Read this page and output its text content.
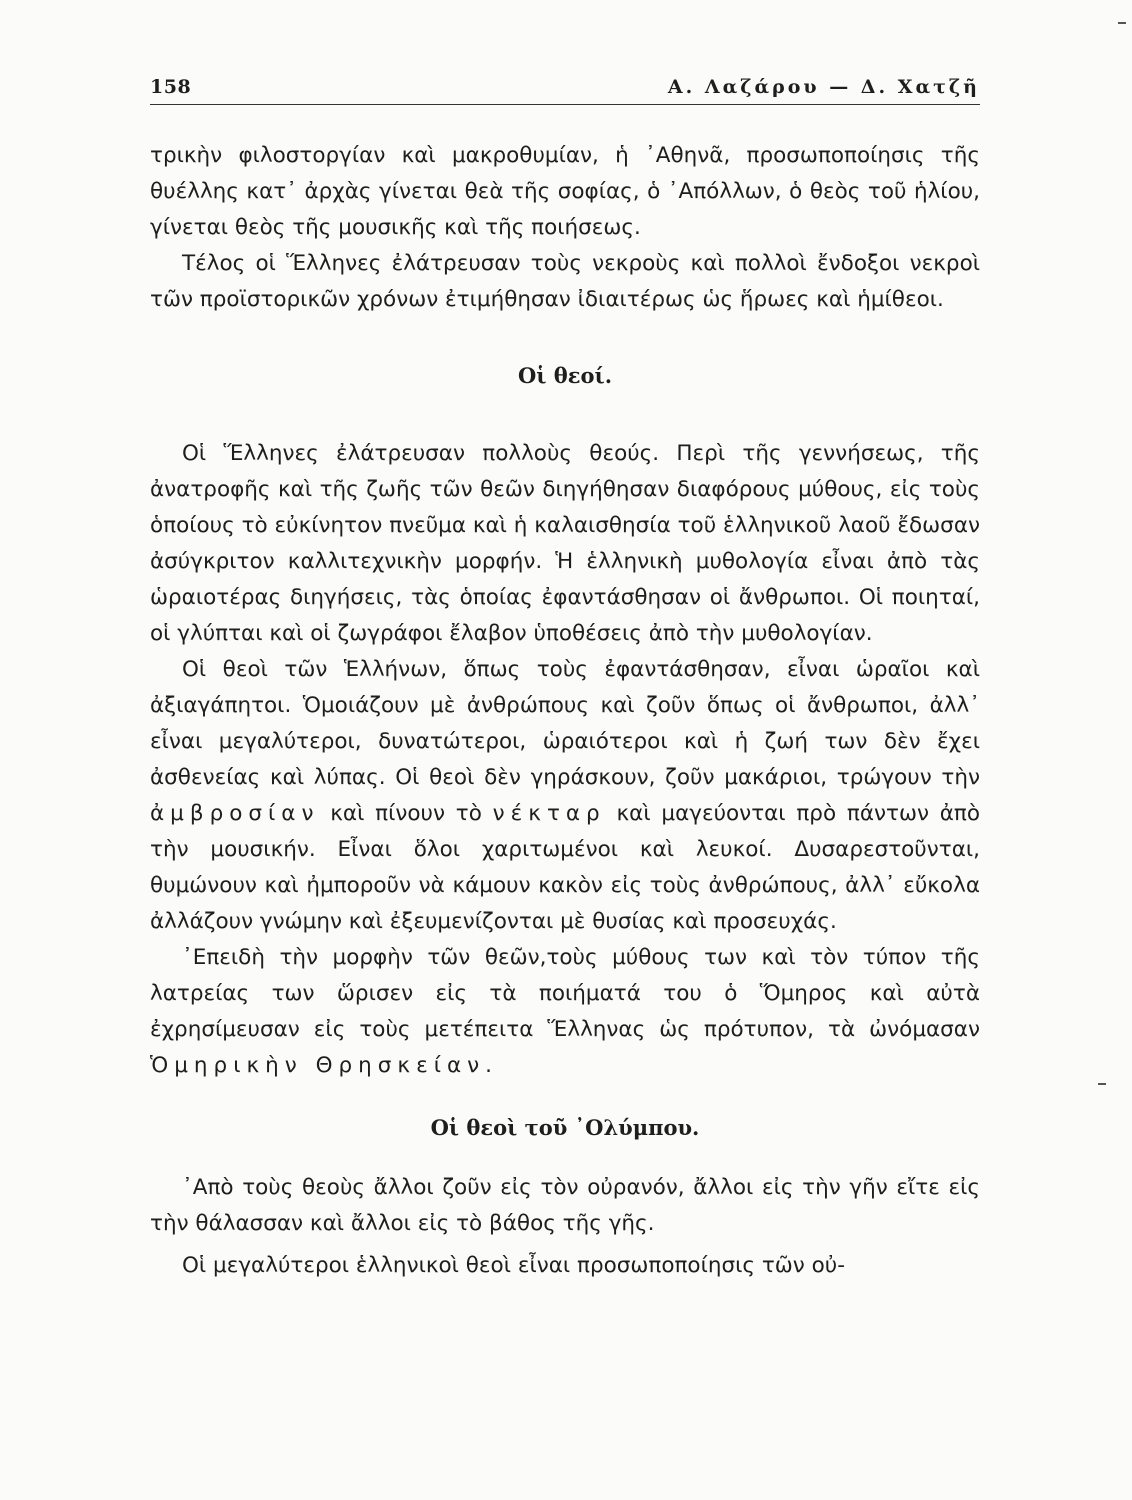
158	Α. Λαζάρου — Δ. Χατζῆ

τρικὴν φιλοστοργίαν καὶ μακροθυμίαν, ἡ ᾿Αθηνᾶ, προσωποποίησις τῆς θυέλλης κατ᾿ ἀρχὰς γίνεται θεὰ τῆς σοφίας, ὁ ᾿Απόλλων, ὁ θεὸς τοῦ ἡλίου, γίνεται θεὸς τῆς μουσικῆς καὶ τῆς ποιήσεως.

Τέλος οἱ Ἕλληνες ἐλάτρευσαν τοὺς νεκροὺς καὶ πολλοὶ ἔνδοξοι νεκροὶ τῶν προϊστορικῶν χρόνων ἐτιμήθησαν ἰδιαιτέρως ὡς ἥρωες καὶ ἡμίθεοι.

Οἱ θεοί.

Οἱ Ἕλληνες ἐλάτρευσαν πολλοὺς θεούς. Περὶ τῆς γεννήσεως, τῆς ἀνατροφῆς καὶ τῆς ζωῆς τῶν θεῶν διηγήθησαν διαφόρους μύθους, εἰς τοὺς ὁποίους τὸ εὐκίνητον πνεῦμα καὶ ἡ καλαισθησία τοῦ ἑλληνικοῦ λαοῦ ἔδωσαν ἀσύγκριτον καλλιτεχνικὴν μορφήν. Ἡ ἑλληνικὴ μυθολογία εἶναι ἀπὸ τὰς ὡραιοτέρας διηγήσεις, τὰς ὁποίας ἐφαντάσθησαν οἱ ἄνθρωποι. Οἱ ποιηταί, οἱ γλύπται καὶ οἱ ζωγράφοι ἔλαβον ὑποθέσεις ἀπὸ τὴν μυθολογίαν.

Οἱ θεοὶ τῶν Ἑλλήνων, ὅπως τοὺς ἐφαντάσθησαν, εἶναι ὡραῖοι καὶ ἀξιαγάπητοι. Ὁμοιάζουν μὲ ἀνθρώπους καὶ ζοῦν ὅπως οἱ ἄνθρωποι, ἀλλ᾿ εἶναι μεγαλύτεροι, δυνατώτεροι, ὡραιότεροι καὶ ἡ ζωή των δὲν ἔχει ἀσθενείας καὶ λύπας. Οἱ θεοὶ δὲν γηράσκουν, ζοῦν μακάριοι, τρώγουν τὴν ἀμβροσίαν καὶ πίνουν τὸ νέκταρ καὶ μαγεύονται πρὸ πάντων ἀπὸ τὴν μουσικήν. Εἶναι ὅλοι χαριτωμένοι καὶ λευκοί. Δυσαρεστοῦνται, θυμώνουν καὶ ἠμποροῦν νὰ κάμουν κακὸν εἰς τοὺς ἀνθρώπους, ἀλλ᾿ εὔκολα ἀλλάζουν γνώμην καὶ ἐξευμενίζονται μὲ θυσίας καὶ προσευχάς.

᾿Επειδὴ τὴν μορφὴν τῶν θεῶν,τοὺς μύθους των καὶ τὸν τύπον τῆς λατρείας των ὥρισεν εἰς τὰ ποιήματά του ὁ Ὅμηρος καὶ αὐτὰ ἐχρησίμευσαν εἰς τοὺς μετέπειτα Ἕλληνας ὡς πρότυπον, τὰ ὠνόμασαν Ὁμηρικὴν Θρησκείαν.

Οἱ θεοὶ τοῦ ᾿Ολύμπου.

᾿Απὸ τοὺς θεοὺς ἄλλοι ζοῦν εἰς τὸν οὐρανόν, ἄλλοι εἰς τὴν γῆν εἴτε εἰς τὴν θάλασσαν καὶ ἄλλοι εἰς τὸ βάθος τῆς γῆς.

Οἱ μεγαλύτεροι ἑλληνικοὶ θεοὶ εἶναι προσωποποίησις τῶν οὐ-
